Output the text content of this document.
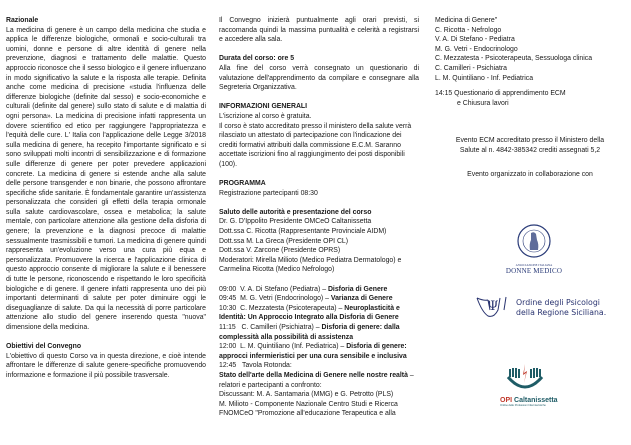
Razionale

La medicina di genere è un campo della medicina che studia e applica le differenze biologiche, ormonali e socio-culturali tra uomini, donne e persone di altre identità di genere nella prevenzione, diagnosi e trattamento delle malattie. Questo approccio riconosce che il sesso biologico e il genere influenzano in modo significativo la salute e la risposta alle terapie. Definita anche come medicina di precisione «studia l'influenza delle differenze biologiche (definite dal sesso) e socio-economiche e culturali (definite dal genere) sullo stato di salute e di malattia di ogni persona». La medicina di precisione infatti rappresenta un dovere scientifico ed etico per raggiungere l'appropriatezza e l'equità delle cure. L' Italia con l'applicazione delle Legge 3/2018 sulla medicina di genere, ha recepito l'importante significato e si sono sviluppati molti incontri di sensibilizzazione e di formazione sulle differenze di genere per poter prevedere applicazioni concrete. La medicina di genere si estende anche alla salute delle persone transgender e non binarie, che possono affrontare specifiche sfide sanitarie. È fondamentale garantire un'assistenza personalizzata che consideri gli effetti della terapia ormonale sulla salute cardiovascolare, ossea e metabolica; la salute mentale, con particolare attenzione alla gestione della disforia di genere; la prevenzione e la diagnosi precoce di malattie sessualmente trasmissibili e tumori. La medicina di genere quindi rappresenta un'evoluzione verso una cura più equa e personalizzata. Promuovere la ricerca e l'applicazione clinica di questo approccio consente di migliorare la salute e il benessere di tutte le persone, riconoscendo e rispettando le loro specificità biologiche e di genere. Il genere infatti rappresenta uno dei più importanti determinanti di salute per poter diminuire oggi le diseguaglianze di salute. Da qui la necessità di porre particolare attenzione allo studio del genere inserendo questa "nuova" dimensione della medicina.

Obiettivi del Convegno

L'obiettivo di questo Corso va in questa direzione, e cioè intende affrontare le differenze di salute genere-specifiche promuovendo informazione e formazione il più possibile trasversale.

Il Convegno inizierà puntualmente agli orari previsti, si raccomanda quindi la massima puntualità e celerità a registrarsi e accedere alla sala.

Durata del corso: ore 5

Alla fine del corso verrà consegnato un questionario di valutazione dell'apprendimento da compilare e consegnare alla Segreteria Organizzativa.

INFORMAZIONI GENERALI

L'iscrizione al corso è gratuita.

Il corso è stato accreditato presso il ministero della salute verrà rilasciato un attestato di partecipazione con l'indicazione dei crediti formativi attribuiti dalla commissione E.C.M. Saranno accettate iscrizioni fino al raggiungimento dei posti disponibili (100).

PROGRAMMA

Registrazione partecipanti 08:30

Saluto delle autorità e presentazione del corso

Dr. G. D'Ippolito Presidente OMCeO Caltanissetta

Dott.ssa C. Ricotta (Rappresentante Provinciale AIDM)

Dott.ssa M. La Greca (Presidente OPI CL)

Dott.ssa V. Zarcone (Presidente OPRS)

Moderatori: Mirella Milioto (Medico Pediatra Dermatologo) e Carmelina Ricotta (Medico Nefrologo)

09:00 V. A. Di Stefano (Pediatra) – Disforia di Genere

09:45 M. G. Vetri (Endocrinologo) – Varianza di Genere

10:30 C. Mezzatesta (Psicoterapeuta) – Neuroplasticità e Identità: Un Approccio Integrato alla Disforia di Genere

11:15 C. Camilleri (Psichiatra) – Disforia di genere: dalla complessità alla possibilità di assistenza

12:00 L. M. Quintiliano (Inf. Pediatrica) – Disforia di genere: approcci infermieristici per una cura sensibile e inclusiva

12:45 Tavola Rotonda:

Stato dell'arte della Medicina di Genere nelle nostre realtà – relatori e partecipanti a confronto:

Discussant: M. A. Santamaria (MMG) e G. Petrotto (PLS)

M. Milioto - Componente Nazionale Centro Studi e Ricerca FNOMCeO "Promozione all'educazione Terapeutica e alla

Medicina di Genere"

C. Ricotta - Nefrologo

V. A. Di Stefano - Pediatra

M. G. Vetri - Endocrinologo

C. Mezzatesta - Psicoterapeuta, Sessuologa clinica

C. Camilleri - Psichiatra

L. M. Quintiliano - Inf. Pediatrica

14:15 Questionario di apprendimento ECM

e Chiusura lavori

Evento ECM accreditato presso il Ministero della

Salute al n. 4842-385342 crediti assegnati 5,2

Evento organizzato in collaborazione con

ASSOCIAZIONE ITALIANA
DONNE MEDICO
Ψ Ordine degli Psicologi
della Regione Siciliana.
OPI Caltanissetta
Ordine delle Professioni Infermieristiche
